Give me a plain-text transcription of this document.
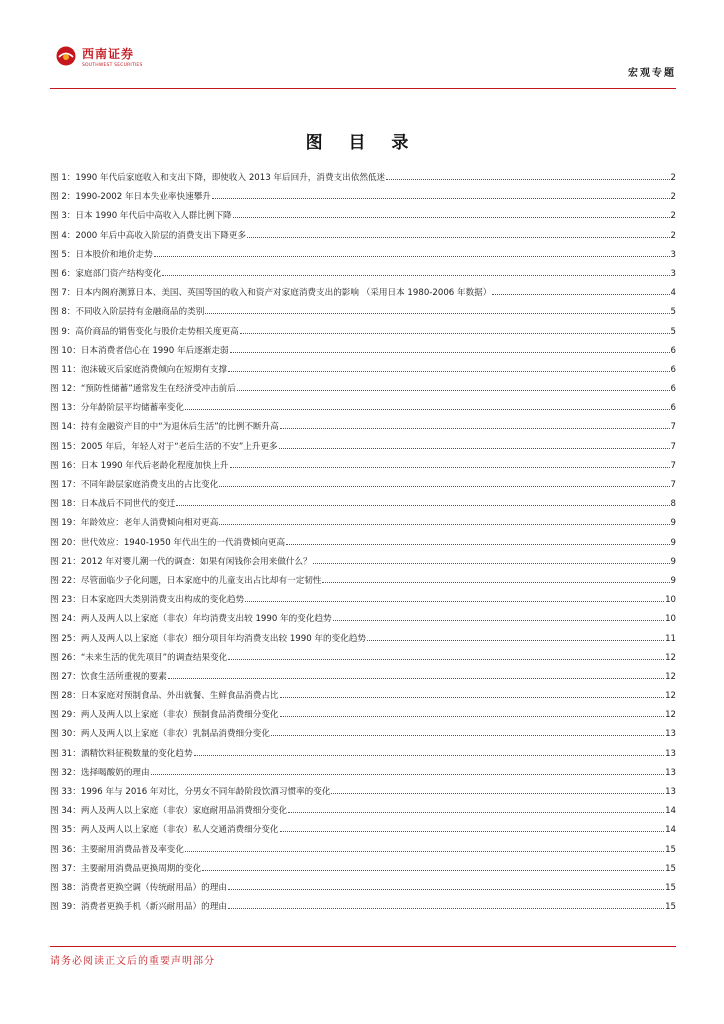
西南证券
SOUTHWEST SECURITIES
宏观专题
图 目 录
图 1：1990 年代后家庭收入和支出下降，即使收入 2013 年后回升，消费支出依然低迷	2
图 2：1990-2002 年日本失业率快速攀升	2
图 3：日本 1990 年代后中高收入人群比例下降	2
图 4：2000 年后中高收入阶层的消费支出下降更多	2
图 5：日本股价和地价走势	3
图 6：家庭部门资产结构变化	3
图 7：日本内阁府测算日本、美国、英国等国的收入和资产对家庭消费支出的影响 （采用日本 1980-2006 年数据）	4
图 8：不同收入阶层持有金融商品的类别	5
图 9：高价商品的销售变化与股价走势相关度更高	5
图 10：日本消费者信心在 1990 年后逐渐走弱	6
图 11：泡沫破灭后家庭消费倾向在短期有支撑	6
图 12：“预防性储蓄”通常发生在经济受冲击前后	6
图 13：分年龄阶层平均储蓄率变化	6
图 14：持有金融资产目的中“为退休后生活”的比例不断升高	7
图 15：2005 年后，年轻人对于“老后生活的不安”上升更多	7
图 16：日本 1990 年代后老龄化程度加快上升	7
图 17：不同年龄层家庭消费支出的占比变化	7
图 18：日本战后不同世代的变迁	8
图 19：年龄效应：老年人消费倾向相对更高	9
图 20：世代效应：1940-1950 年代出生的一代消费倾向更高	9
图 21：2012 年对婴儿潮一代的调查：如果有闲钱你会用来做什么？	9
图 22：尽管面临少子化问题，日本家庭中的儿童支出占比却有一定韧性	9
图 23：日本家庭四大类别消费支出构成的变化趋势	10
图 24：两人及两人以上家庭（非农）年均消费支出较 1990 年的变化趋势	10
图 25：两人及两人以上家庭（非农）细分项目年均消费支出较 1990 年的变化趋势	11
图 26：“未来生活的优先项目”的调查结果变化	12
图 27：饮食生活所重视的要素	12
图 28：日本家庭对预制食品、外出就餐、生鲜食品消费占比	12
图 29：两人及两人以上家庭（非农）预制食品消费细分变化	12
图 30：两人及两人以上家庭（非农）乳制品消费细分变化	13
图 31：酒精饮料征税数量的变化趋势	13
图 32：选择喝酸奶的理由	13
图 33：1996 年与 2016 年对比，分男女不同年龄阶段饮酒习惯率的变化	13
图 34：两人及两人以上家庭（非农）家庭耐用品消费细分变化	14
图 35：两人及两人以上家庭（非农）私人交通消费细分变化	14
图 36：主要耐用消费品普及率变化	15
图 37：主要耐用消费品更换周期的变化	15
图 38：消费者更换空调（传统耐用品）的理由	15
图 39：消费者更换手机（新兴耐用品）的理由	15
请务必阅读正文后的重要声明部分
